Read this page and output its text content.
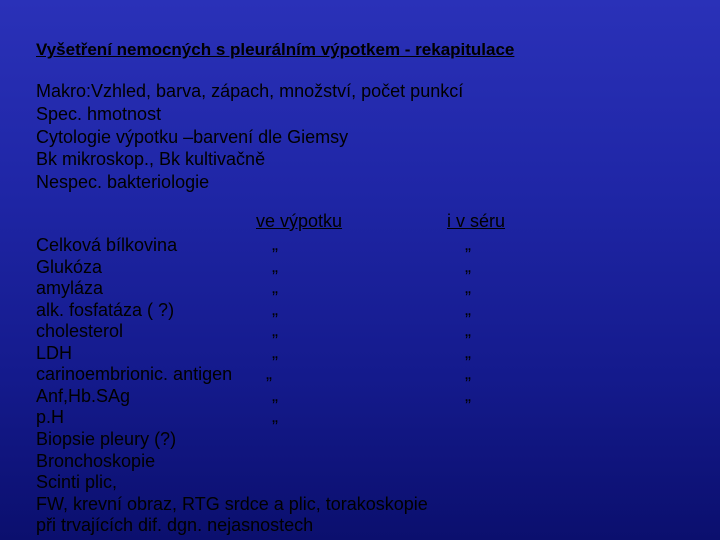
Vyšetření nemocných s pleurálním výpotkem - rekapitulace
Makro:Vzhled, barva, zápach, množství, počet punkcí
Spec. hmotnost
Cytologie výpotku –barvení dle Giemsy
Bk mikroskop., Bk kultivačně
Nespec. bakteriologie
ve výpotku	i v séru
Celková bílkovina
Glukóza
amyláza
alk. fosfatáza ( ?)
cholesterol
LDH
carinoembrionic. antigen
Anf,Hb.SAg
p.H
„
„
„
„
„
„
„
„
„
„
„
„
„
„
„
„
„
Biopsie pleury (?)
Bronchoskopie
Scinti plic,
FW, krevní obraz, RTG srdce a plic, torakoskopie
při trvajících dif. dgn. nejasnostech
